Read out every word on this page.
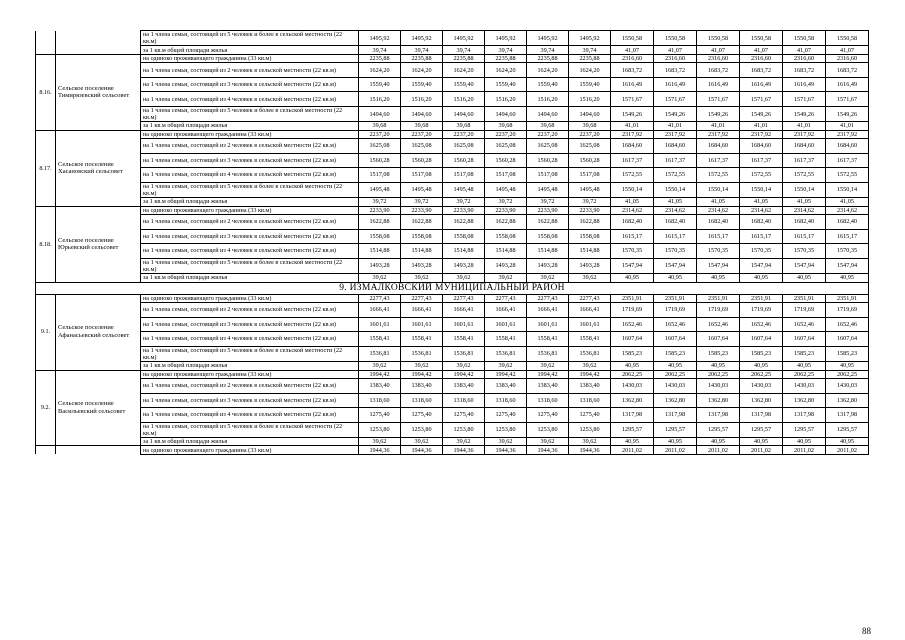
		на 1 члена семьи, состоящей из 5 человек и более в сельской местности (22 кв.м)	1495,92	1495,92	1495,92	1495,92	1495,92	1495,92	1550,58	1550,58	1550,58	1550,58	1550,58	1550,58
		за 1 кв.м общей площади жилья	39,74	39,74	39,74	39,74	39,74	39,74	41,07	41,07	41,07	41,07	41,07	41,07
8.16.	Сельское поселение Тимирязевский сельсовет	на одиноко проживающего гражданина (33 кв.м)	2235,88	2235,88	2235,88	2235,88	2235,88	2235,88	2316,60	2316,60	2316,60	2316,60	2316,60	2316,60
		на 1 члена семьи, состоящей из 2 человек в сельской местности (22 кв.м)	1624,20	1624,20	1624,20	1624,20	1624,20	1624,20	1683,72	1683,72	1683,72	1683,72	1683,72	1683,72
		на 1 члена семьи, состоящей из 3 человек в сельской местности (22 кв.м)	1559,40	1559,40	1559,40	1559,40	1559,40	1559,40	1616,49	1616,49	1616,49	1616,49	1616,49	1616,49
		на 1 члена семьи, состоящей из 4 человек в сельской местности (22 кв.м)	1516,20	1516,20	1516,20	1516,20	1516,20	1516,20	1571,67	1571,67	1571,67	1571,67	1571,67	1571,67
		на 1 члена семьи, состоящей из 5 человек и более в сельской местности (22 кв.м)	1494,60	1494,60	1494,60	1494,60	1494,60	1494,60	1549,26	1549,26	1549,26	1549,26	1549,26	1549,26
		за 1 кв.м общей площади жилья	39,68	39,68	39,68	39,68	39,68	39,68	41,01	41,01	41,01	41,01	41,01	41,01
8.17.	Сельское поселение Хасановский сельсовет	на одиноко проживающего гражданина (33 кв.м)	2237,20	2237,20	2237,20	2237,20	2237,20	2237,20	2317,92	2317,92	2317,92	2317,92	2317,92	2317,92
		на 1 члена семьи, состоящей из 2 человек в сельской местности (22 кв.м)	1625,08	1625,08	1625,08	1625,08	1625,08	1625,08	1684,60	1684,60	1684,60	1684,60	1684,60	1684,60
		на 1 члена семьи, состоящей из 3 человек в сельской местности (22 кв.м)	1560,28	1560,28	1560,28	1560,28	1560,28	1560,28	1617,37	1617,37	1617,37	1617,37	1617,37	1617,37
		на 1 члена семьи, состоящей из 4 человек в сельской местности (22 кв.м)	1517,08	1517,08	1517,08	1517,08	1517,08	1517,08	1572,55	1572,55	1572,55	1572,55	1572,55	1572,55
		на 1 члена семьи, состоящей из 5 человек и более в сельской местности (22 кв.м)	1495,48	1495,48	1495,48	1495,48	1495,48	1495,48	1550,14	1550,14	1550,14	1550,14	1550,14	1550,14
		за 1 кв.м общей площади жилья	39,72	39,72	39,72	39,72	39,72	39,72	41,05	41,05	41,05	41,05	41,05	41,05
8.18.	Сельское поселение Юрьевский сельсовет	на одиноко проживающего гражданина (33 кв.м)	2233,90	2233,90	2233,90	2233,90	2233,90	2233,90	2314,62	2314,62	2314,62	2314,62	2314,62	2314,62
		на 1 члена семьи, состоящей из 2 человек в сельской местности (22 кв.м)	1622,88	1622,88	1622,88	1622,88	1622,88	1622,88	1682,40	1682,40	1682,40	1682,40	1682,40	1682,40
		на 1 члена семьи, состоящей из 3 человек в сельской местности (22 кв.м)	1558,08	1558,08	1558,08	1558,08	1558,08	1558,08	1615,17	1615,17	1615,17	1615,17	1615,17	1615,17
		на 1 члена семьи, состоящей из 4 человек в сельской местности (22 кв.м)	1514,88	1514,88	1514,88	1514,88	1514,88	1514,88	1570,35	1570,35	1570,35	1570,35	1570,35	1570,35
		на 1 члена семьи, состоящей из 5 человек и более в сельской местности (22 кв.м)	1493,28	1493,28	1493,28	1493,28	1493,28	1493,28	1547,94	1547,94	1547,94	1547,94	1547,94	1547,94
		за 1 кв.м общей площади жилья	39,62	39,62	39,62	39,62	39,62	39,62	40,95	40,95	40,95	40,95	40,95	40,95
9. ИЗМАЛКОВСКИЙ МУНИЦИПАЛЬНЫЙ РАЙОН														
9.1.	Сельское поселение Афанасьевский сельсовет	на одиноко проживающего гражданина (33 кв.м)	2277,43	2277,43	2277,43	2277,43	2277,43	2277,43	2351,91	2351,91	2351,91	2351,91	2351,91	2351,91
		на 1 члена семьи, состоящей из 2 человек в сельской местности (22 кв.м)	1666,41	1666,41	1666,41	1666,41	1666,41	1666,41	1719,69	1719,69	1719,69	1719,69	1719,69	1719,69
		на 1 члена семьи, состоящей из 3 человек в сельской местности (22 кв.м)	1601,61	1601,61	1601,61	1601,61	1601,61	1601,61	1652,46	1652,46	1652,46	1652,46	1652,46	1652,46
		на 1 члена семьи, состоящей из 4 человек в сельской местности (22 кв.м)	1558,41	1558,41	1558,41	1558,41	1558,41	1558,41	1607,64	1607,64	1607,64	1607,64	1607,64	1607,64
		на 1 члена семьи, состоящей из 5 человек и более в сельской местности (22 кв.м)	1536,81	1536,81	1536,81	1536,81	1536,81	1536,81	1585,23	1585,23	1585,23	1585,23	1585,23	1585,23
		за 1 кв.м общей площади жилья	39,62	39,62	39,62	39,62	39,62	39,62	40,95	40,95	40,95	40,95	40,95	40,95
9.2.	Сельское поселение Васильевский сельсовет	на одиноко проживающего гражданина (33 кв.м)	1994,42	1994,42	1994,42	1994,42	1994,42	1994,42	2062,25	2062,25	2062,25	2062,25	2062,25	2062,25
		на 1 члена семьи, состоящей из 2 человек в сельской местности (22 кв.м)	1383,40	1383,40	1383,40	1383,40	1383,40	1383,40	1430,03	1430,03	1430,03	1430,03	1430,03	1430,03
		на 1 члена семьи, состоящей из 3 человек в сельской местности (22 кв.м)	1318,60	1318,60	1318,60	1318,60	1318,60	1318,60	1362,80	1362,80	1362,80	1362,80	1362,80	1362,80
		на 1 члена семьи, состоящей из 4 человек в сельской местности (22 кв.м)	1275,40	1275,40	1275,40	1275,40	1275,40	1275,40	1317,98	1317,98	1317,98	1317,98	1317,98	1317,98
		на 1 члена семьи, состоящей из 5 человек и более в сельской местности (22 кв.м)	1253,80	1253,80	1253,80	1253,80	1253,80	1253,80	1295,57	1295,57	1295,57	1295,57	1295,57	1295,57
		за 1 кв.м общей площади жилья	39,62	39,62	39,62	39,62	39,62	39,62	40,95	40,95	40,95	40,95	40,95	40,95
		на одиноко проживающего гражданина (33 кв.м)	1944,36	1944,36	1944,36	1944,36	1944,36	1944,36	2011,02	2011,02	2011,02	2011,02	2011,02	2011,02
88
